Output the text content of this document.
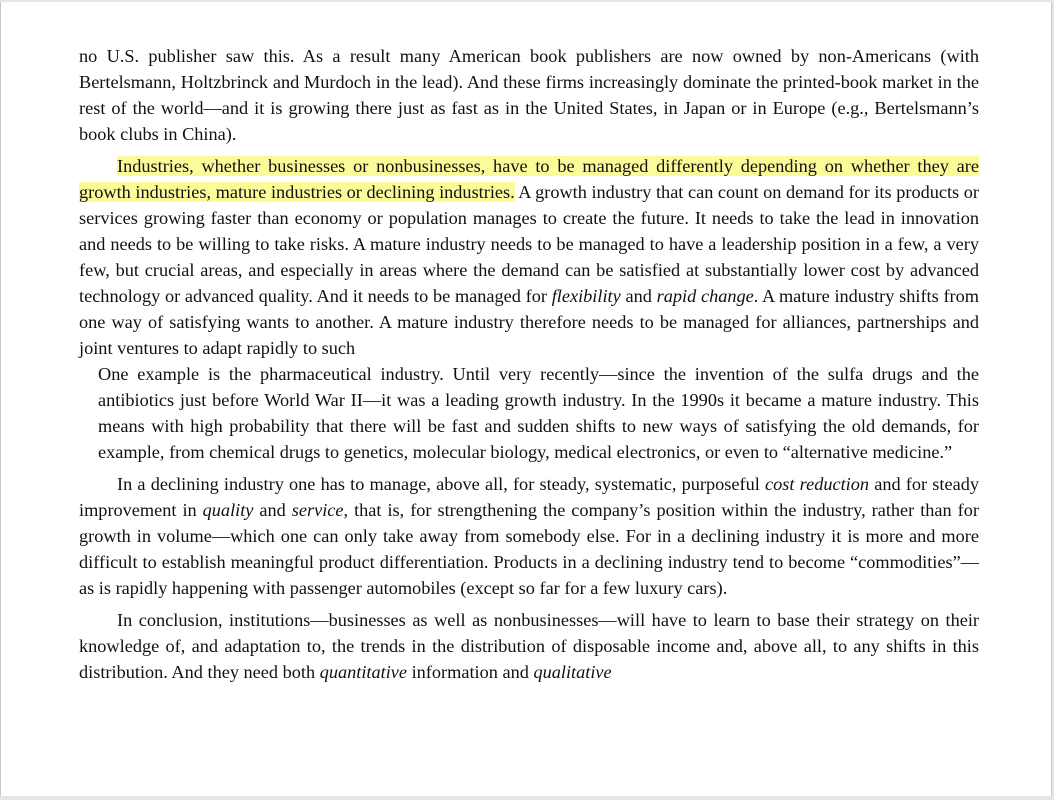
no U.S. publisher saw this. As a result many American book publishers are now owned by non-Americans (with Bertelsmann, Holtzbrinck and Murdoch in the lead). And these firms increasingly dominate the printed-book market in the rest of the world—and it is growing there just as fast as in the United States, in Japan or in Europe (e.g., Bertelsmann’s book clubs in China).

Industries, whether businesses or nonbusinesses, have to be managed differently depending on whether they are growth industries, mature industries or declining industries. A growth industry that can count on demand for its products or services growing faster than economy or population manages to create the future. It needs to take the lead in innovation and needs to be willing to take risks. A mature industry needs to be managed to have a leadership position in a few, a very few, but crucial areas, and especially in areas where the demand can be satisfied at substantially lower cost by advanced technology or advanced quality. And it needs to be managed for flexibility and rapid change. A mature industry shifts from one way of satisfying wants to another. A mature industry therefore needs to be managed for alliances, partnerships and joint ventures to adapt rapidly to such

One example is the pharmaceutical industry. Until very recently—since the invention of the sulfa drugs and the antibiotics just before World War II—it was a leading growth industry. In the 1990s it became a mature industry. This means with high probability that there will be fast and sudden shifts to new ways of satisfying the old demands, for example, from chemical drugs to genetics, molecular biology, medical electronics, or even to “alternative medicine.”

In a declining industry one has to manage, above all, for steady, systematic, purposeful cost reduction and for steady improvement in quality and service, that is, for strengthening the company’s position within the industry, rather than for growth in volume—which one can only take away from somebody else. For in a declining industry it is more and more difficult to establish meaningful product differentiation. Products in a declining industry tend to become “commodities”—as is rapidly happening with passenger automobiles (except so far for a few luxury cars).

In conclusion, institutions—businesses as well as nonbusinesses—will have to learn to base their strategy on their knowledge of, and adaptation to, the trends in the distribution of disposable income and, above all, to any shifts in this distribution. And they need both quantitative information and qualitative
